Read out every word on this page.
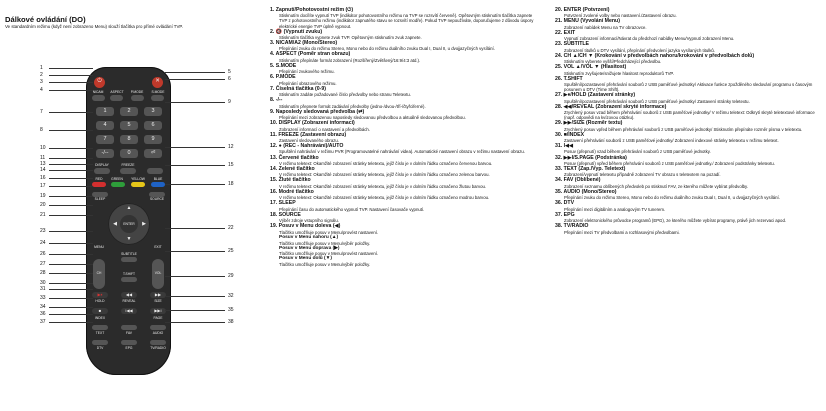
Dálkové ovládání (DO)
Ve standardním režimu (když není zobrazeno Menu) slouží tlačítka pro přímé ovládání TVP.
⏻	✕
NICAM	ASPECT	P.MODE	S.MODE
DISPLAY	FREEZE
RED	GREEN	YELLOW	BLUE
SLEEP	SOURCE
ENTER
▲
▼
◀	▶
MENU	EXIT
SUBTITLE
CH	VOL
T.SHIFT
HOLD	REVEAL	SIZE
▶⏸	◀◀	▶▶
INDEX	PAGE
■	I◀◀	▶▶I
TEXT	FAV	AUDIO
DTV	EPG	TV/RADIO
1	2	3
4	5	6
7	8	9
-/--	0	⏎
1
2
3
4
7
8
10
11
13
14
16
17
19
20
21
23
24
26
27
28
30
31
33
34
36
37
5
6
9
12
15
18
22
25
29
32
35
38
1. Zapnutí/Pohotovostní režim (⏻)
Stisknutím docílíte vypnutí TVP (indikátor pohotovostního režimu na TVP se rozsvítí červeně). Opětovným stisknutím tlačítka zapnete TVP z pohotovostního režimu (indikátor zapnutého stavu se rozsvítí modře). Pokud TVP nepoužíváte, doporučujeme z důvodu úspory elektrické energie TVP úplně vypnout.
2. 🔇 (Vypnutí zvuku)
Stisknutím tlačítka vypnete zvuk TVP. Opětovným stisknutím zvuk zapnete.
3. NICAM/A2 (Mono/Stereo)
Přepínání zvuku do režimu Stereo, Mono nebo do režimu duálního zvuku Dual I, Dual II, u dvojjazyčných vysílání.
4. ASPECT (Poměr stran obrazu)
Stisknutím přepínáte formát zobrazení (Rozšířený/Zvětšený/16:9/4:3 atd.).
5. S.MODE
Přepínání zvukového režimu.
6. P.MODE
Přepínání obrazového režimu.
7. Číselná tlačítka (0-9)
Stisknutím zadáte požadované číslo předvolby nebo stranu Teletextu.
8. -/--
Stisknutím přepnete formát zadávání předvolby (jedno-/dvou-/tří-/čtyřciferné).
9. Naposledy sledovaná předvolba (⇄)
Přepínání mezi zobrazenou naposledy sledovanou předvolbou a aktuálně sledovanou předvolbou.
10. DISPLAY (Zobrazení informací)
Zobrazení informací o nastavení a předvolbách.
11. FREEZE (Zastavení obrazu)
Zastavení sledovaného obrazu.
12. ● (REC - Nahrávání)/AUTO
Spuštění nahrávání v režimu PVR (Programovatelné nahrávání videa). Automatické nastavení obrazu v režimu nastavení obrazu.
13. Červené tlačítko
V režimu teletext: Okamžité zobrazení stránky teletextu, jejíž číslo je v dolním řádku označeno červenou barvou.
14. Zelené tlačítko
V režimu teletext: Okamžité zobrazení stránky teletextu, jejíž číslo je v dolním řádku označeno zelenou barvou.
15. Žluté tlačítko
V režimu teletext: Okamžité zobrazení stránky teletextu, jejíž číslo je v dolním řádku označeno žlutou barvou.
16. Modré tlačítko
V režimu teletext: Okamžité zobrazení stránky teletextu, jejíž číslo je v dolním řádku označeno modrou barvou.
17. SLEEP
Přepínání času do automatického vypnutí TVP. Nastavení časovače vypnutí.
18. SOURCE
Výběr zdroje vstupního signálu.
19. Posuv v Menu doleva (◀)
Tlačítko umožňuje posuv v Menu/provést nastavení.
Posuv v Menu nahoru (▲)
Tlačítko umožňuje posuv v Menu/výběr položky.
Posuv v Menu doprava (▶)
Tlačítko umožňuje posuv v Menu/provést nastavení.
Posuv v Menu dolů (▼)
Tlačítko umožňuje posuv v Menu/výběr položky.
20. ENTER (Potvrzení)
Potvrzení zvolené volby nebo nastavení./Zastavení obrazu.
21. MENU (Vyvolání Menu)
Zobrazení nabídek Menu na TV obrazovce.
22. EXIT
Vypnutí zobrazení informací/Návrat do předchozí nabídky Menu/Vypnutí zobrazení Menu.
23. SUBTITLE
Zobrazení titulků u DTV vysílání, přepínání předvolení jazyka vysílaných titulků.
24. CH ▲/CH ▼ (Krokování v předvolbách nahoru/krokování v předvolbách dolů)
Stisknutím vyberete vyšší/Předcházející předvolbu.
25. VOL ▲/VOL ▼ (Hlasitost)
Stisknutím zvyšujete/snižujete hlasitost reproduktorů TVP.
26. T.SHIFT
Spuštění/pozastavení přehrávání souborů z USB paměťové jednotky/ Aktivace funkce zpožděného sledování programu s časovým posunem u DTV (Time Shift).
27. ▶⏸/HOLD (Zastavení stránky)
Spuštění/pozastavení přehrávání souborů z USB paměťové jednotky/ Zastavení stránky teletextu.
28. ◀◀/REVEAL (Zobrazení skryté informace)
Zrychlený posuv vzad během přehrávání souborů z USB paměťové jednotky/ V režimu teletext: Odkrytí skryté teletextové informace (např. odpovědi na kvízovou otázku).
29. ▶▶/SIZE (Rozměr textu)
Zrychlený posuv vpřed během přehrávání souborů z USB paměťové jednotky/ Stisknutím přepínáte rozměr písma v teletextu.
30. ■/INDEX
Zastavení přehrávání souborů z USB paměťové jednotky/ Zobrazení indexové stránky teletextu v režimu teletext.
31. I◀◀
Posuv (přepnutí) vzad během přehrávání souborů z USB paměťové jednotky.
32. ▶▶I/S.PAGE (Podstránka)
Posuv (přepnutí) vpřed během přehrávání souborů z USB paměťové jednotky./ Zobrazení podstránky teletextu.
33. TEXT (Zap./Vyp. Teletext)
Zobrazení/vypnutí teletextu případně zobrazení TV obrazu s teletextem na pozadí.
34. FAV (Oblíbené)
Zobrazení seznamu oblíbených předvoleb po stisknutí FAV, ze kterého můžete vybírat předvolby.
35. AUDIO (Mono/Stereo)
Přepínání zvuku do režimu Stereo, Mono nebo do režimu duálního zvuku Dual I, Dual II, u dvojjazyčných vysílání.
36. DTV
Přepínání mezi digitálním a analogovým TV tunerem.
37. EPG
Zobrazení elektronického průvodce programů (EPG), ze kterého můžete vybírat programy, právě jich rezervaci apod.
38. TV/RADIO
Přepínání mezi TV předvolbami a rozhlasovými předvolbami.
